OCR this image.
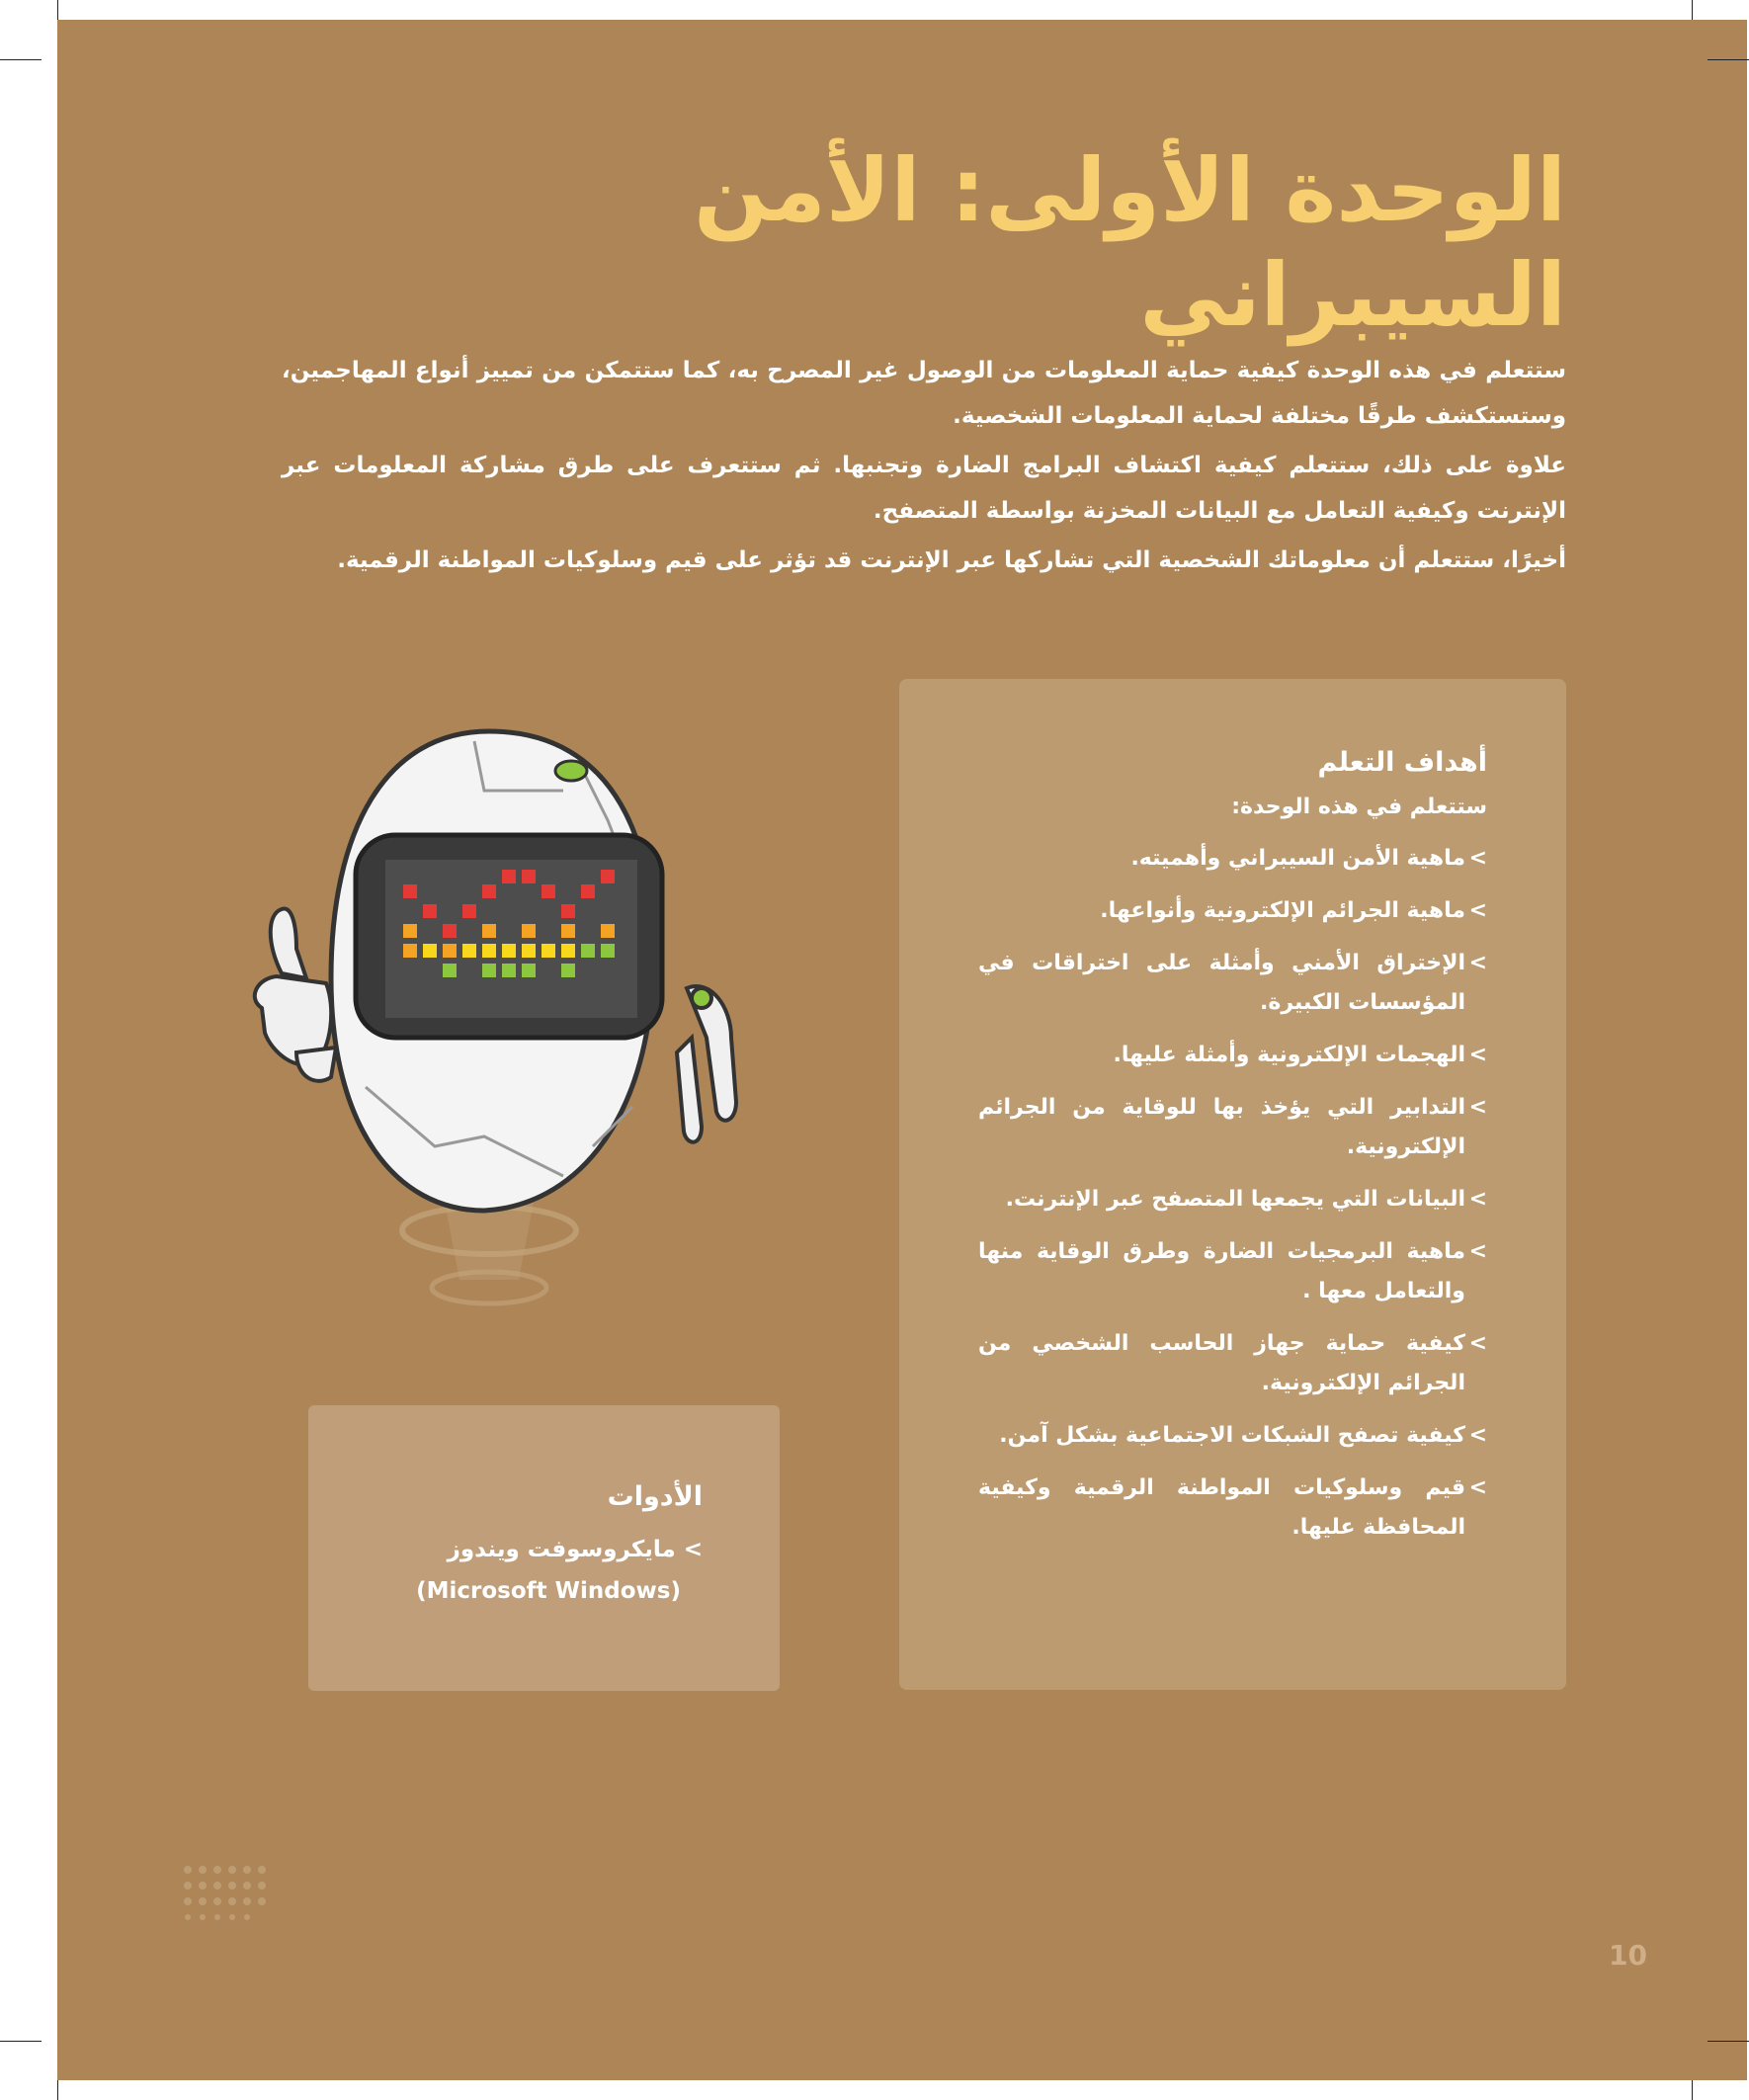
الوحدة الأولى: الأمن السيبراني

ستتعلم في هذه الوحدة كيفية حماية المعلومات من الوصول غير المصرح به، كما ستتمكن من تمييز أنواع المهاجمين، وستستكشف طرقًا مختلفة لحماية المعلومات الشخصية.

علاوة على ذلك، ستتعلم كيفية اكتشاف البرامج الضارة وتجنبها. ثم ستتعرف على طرق مشاركة المعلومات عبر الإنترنت وكيفية التعامل مع البيانات المخزنة بواسطة المتصفح.

أخيرًا، ستتعلم أن معلوماتك الشخصية التي تشاركها عبر الإنترنت قد تؤثر على قيم وسلوكيات المواطنة الرقمية.

أهداف التعلم
ستتعلم في هذه الوحدة:
>
ماهية الأمن السيبراني وأهميته.
>
ماهية الجرائم الإلكترونية وأنواعها.
>
الإختراق الأمني وأمثلة على اختراقات في المؤسسات الكبيرة.
>
الهجمات الإلكترونية وأمثلة عليها.
>
التدابير التي يؤخذ بها للوقاية من الجرائم الإلكترونية.
>
البيانات التي يجمعها المتصفح عبر الإنترنت.
>
ماهية البرمجيات الضارة وطرق الوقاية منها والتعامل معها .
>
كيفية حماية جهاز الحاسب الشخصي من الجرائم الإلكترونية.
>
كيفية تصفح الشبكات الاجتماعية بشكل آمن.
>
قيم وسلوكيات المواطنة الرقمية وكيفية المحافظة عليها.
الأدوات

> مايكروسوفت ويندوز

(Microsoft Windows)

10
